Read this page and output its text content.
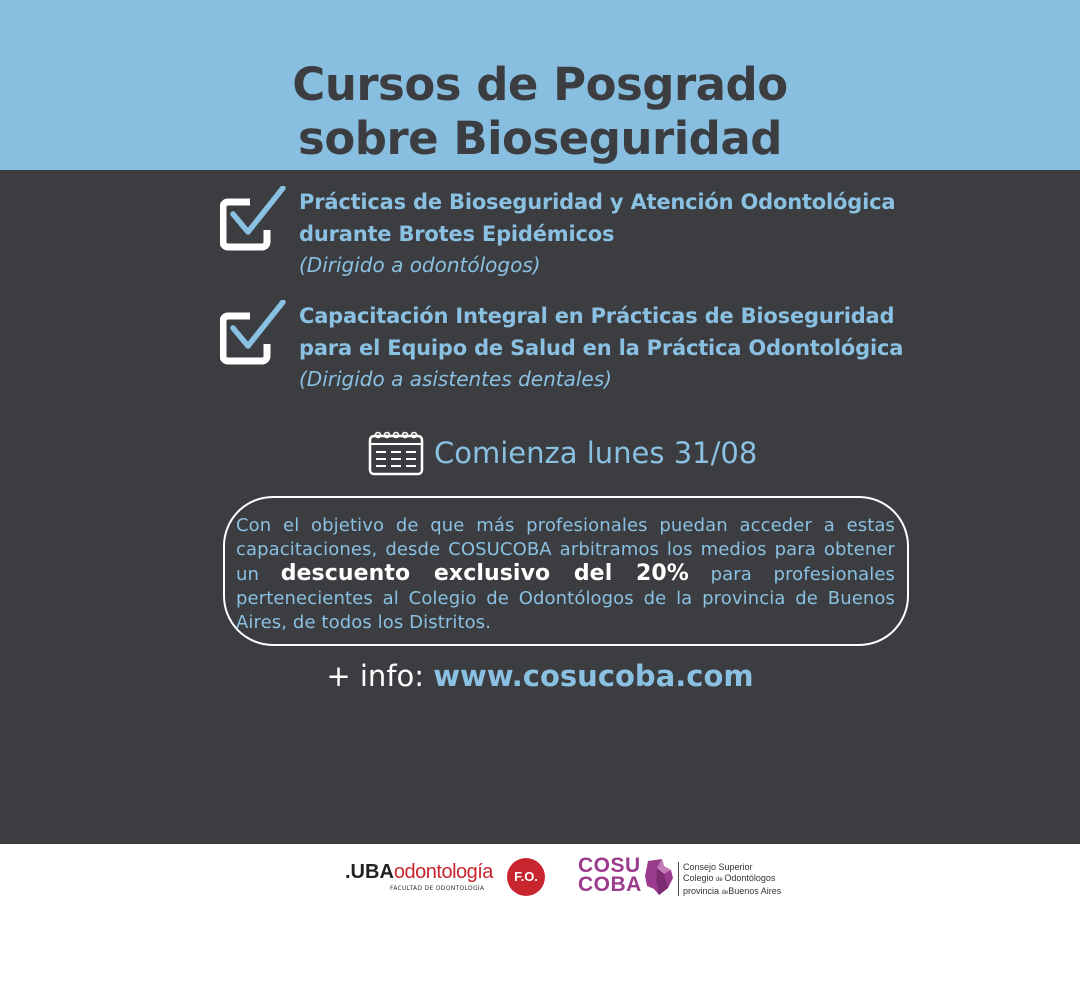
Cursos de Posgrado
sobre Bioseguridad
Prácticas de Bioseguridad y Atención Odontológica
durante Brotes Epidémicos
(Dirigido a odontólogos)
Capacitación Integral en Prácticas de Bioseguridad
para el Equipo de Salud en la Práctica Odontológica
(Dirigido a asistentes dentales)
Comienza lunes 31/08
Con el objetivo de que más profesionales puedan acceder a estas capacitaciones, desde COSUCOBA arbitramos los medios para obtener un descuento exclusivo del 20% para profesionales pertenecientes al Colegio de Odontólogos de la provincia de Buenos Aires, de todos los Distritos.
+ info: www.cosucoba.com
.UBAodontología
FACULTAD DE ODONTOLOGÍA
F.O.	COSU
COBA
Consejo Superior
Colegio de Odontólogos
provincia deBuenos Aires
